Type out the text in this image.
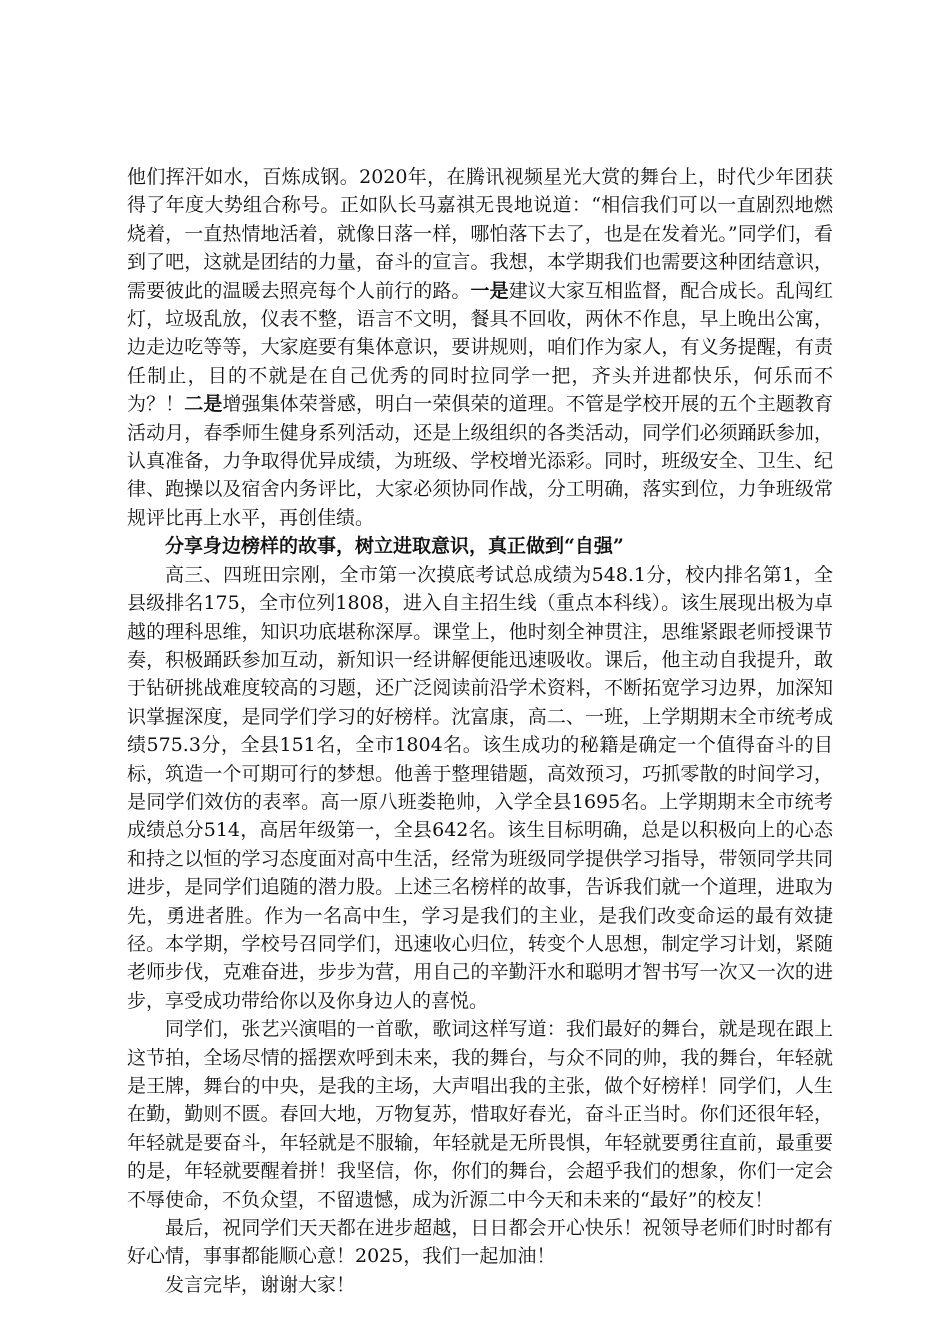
他们挥汗如水，百炼成钢。2020年，在腾讯视频星光大赏的舞台上，时代少年团获得了年度大势组合称号。正如队长马嘉祺无畏地说道：“相信我们可以一直剧烈地燃烧着，一直热情地活着，就像日落一样，哪怕落下去了，也是在发着光。”同学们，看到了吧，这就是团结的力量，奋斗的宣言。我想，本学期我们也需要这种团结意识，需要彼此的温暖去照亮每个人前行的路。一是建议大家互相监督，配合成长。乱闯红灯，垃圾乱放，仪表不整，语言不文明，餐具不回收，两休不作息，早上晚出公寓，边走边吃等等，大家庭要有集体意识，要讲规则，咱们作为家人，有义务提醒，有责任制止，目的不就是在自己优秀的同时拉同学一把，齐头并进都快乐，何乐而不为？！二是增强集体荣誉感，明白一荣俱荣的道理。不管是学校开展的五个主题教育活动月，春季师生健身系列活动，还是上级组织的各类活动，同学们必须踊跃参加，认真准备，力争取得优异成绩，为班级、学校增光添彩。同时，班级安全、卫生、纪律、跑操以及宿舍内务评比，大家必须协同作战，分工明确，落实到位，力争班级常规评比再上水平，再创佳绩。

分享身边榜样的故事，树立进取意识，真正做到“自强”

高三、四班田宗刚，全市第一次摸底考试总成绩为548.1分，校内排名第1，全县级排名175，全市位列1808，进入自主招生线（重点本科线）。该生展现出极为卓越的理科思维，知识功底堪称深厚。课堂上，他时刻全神贯注，思维紧跟老师授课节奏，积极踊跃参加互动，新知识一经讲解便能迅速吸收。课后，他主动自我提升，敢于钻研挑战难度较高的习题，还广泛阅读前沿学术资料，不断拓宽学习边界，加深知识掌握深度，是同学们学习的好榜样。沈富康，高二、一班，上学期期末全市统考成绩575.3分，全县151名，全市1804名。该生成功的秘籍是确定一个值得奋斗的目标，筑造一个可期可行的梦想。他善于整理错题，高效预习，巧抓零散的时间学习，是同学们效仿的表率。高一原八班娄艳帅，入学全县1695名。上学期期末全市统考成绩总分514，高居年级第一，全县642名。该生目标明确，总是以积极向上的心态和持之以恒的学习态度面对高中生活，经常为班级同学提供学习指导，带领同学共同进步，是同学们追随的潜力股。上述三名榜样的故事，告诉我们就一个道理，进取为先，勇进者胜。作为一名高中生，学习是我们的主业，是我们改变命运的最有效捷径。本学期，学校号召同学们，迅速收心归位，转变个人思想，制定学习计划，紧随老师步伐，克难奋进，步步为营，用自己的辛勤汗水和聪明才智书写一次又一次的进步，享受成功带给你以及你身边人的喜悦。

同学们，张艺兴演唱的一首歌，歌词这样写道：我们最好的舞台，就是现在跟上这节拍，全场尽情的摇摆欢呼到未来，我的舞台，与众不同的帅，我的舞台，年轻就是王牌，舞台的中央，是我的主场，大声唱出我的主张，做个好榜样！同学们，人生在勤，勤则不匮。春回大地，万物复苏，惜取好春光，奋斗正当时。你们还很年轻，年轻就是要奋斗，年轻就是不服输，年轻就是无所畏惧，年轻就要勇往直前，最重要的是，年轻就要醒着拼！我坚信，你，你们的舞台，会超乎我们的想象，你们一定会不辱使命，不负众望，不留遗憾，成为沂源二中今天和未来的“最好”的校友！

最后，祝同学们天天都在进步超越，日日都会开心快乐！祝领导老师们时时都有好心情，事事都能顺心意！2025，我们一起加油！

发言完毕，谢谢大家！
